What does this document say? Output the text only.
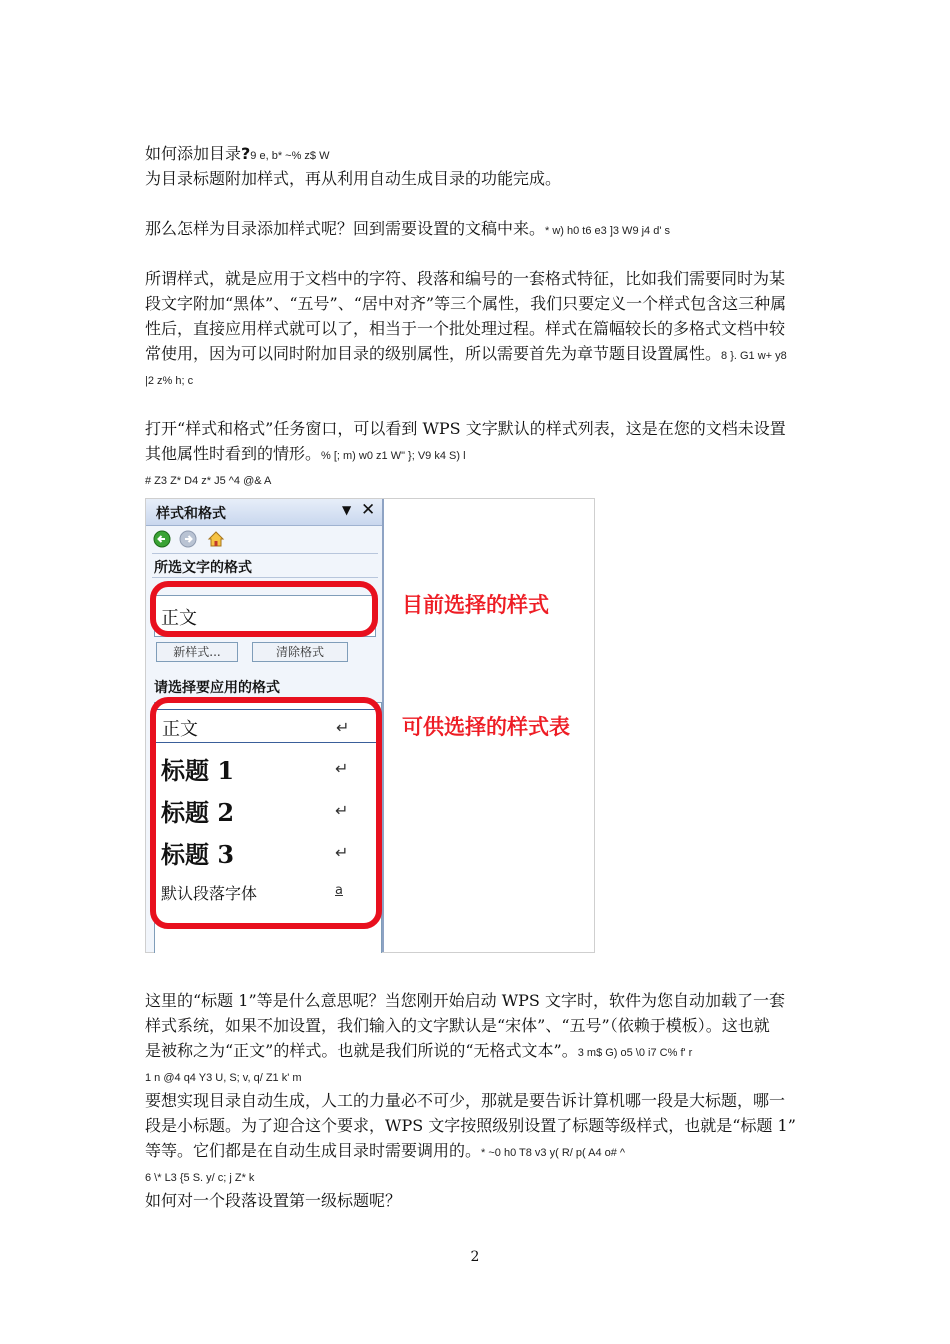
如何添加目录?9 e, b* ~% z$ W

为目录标题附加样式，再从利用自动生成目录的功能完成。

那么怎样为目录添加样式呢？回到需要设置的文稿中来。* w) h0 t6 e3 ]3 W9 j4 d' s

所谓样式，就是应用于文档中的字符、段落和编号的一套格式特征，比如我们需要同时为某
段文字附加“黑体”、“五号”、“居中对齐”等三个属性，我们只要定义一个样式包含这三种属
性后，直接应用样式就可以了，相当于一个批处理过程。样式在篇幅较长的多格式文档中较
常使用，因为可以同时附加目录的级别属性，所以需要首先为章节题目设置属性。8 }. G1 w+ y8
|2 z% h; c
打开“样式和格式”任务窗口，可以看到 WPS 文字默认的样式列表，这是在您的文档未设置
其他属性时看到的情形。% [; m) w0 z1 W" }; V9 k4 S) l
# Z3 Z* D4 z* J5 ^4 @& A
样式和格式	▼ ✕
所选文字的格式
正文
新样式...	清除格式
请选择要应用的格式
正文	↵
标题 1	↵
标题 2	↵
标题 3	↵
默认段落字体	a
目前选择的样式
可供选择的样式表
这里的“标题 1”等是什么意思呢？当您刚开始启动 WPS 文字时，软件为您自动加载了一套
样式系统，如果不加设置，我们输入的文字默认是“宋体”、“五号”（依赖于模板）。这也就
是被称之为“正文”的样式。也就是我们所说的“无格式文本”。3 m$ G) o5 \0 i7 C% f' r
1 n @4 q4 Y3 U, S; v, q/ Z1 k' m
要想实现目录自动生成，人工的力量必不可少，那就是要告诉计算机哪一段是大标题，哪一
段是小标题。为了迎合这个要求，WPS 文字按照级别设置了标题等级样式，也就是“标题 1”
等等。它们都是在自动生成目录时需要调用的。* ~0 h0 T8 v3 y( R/ p( A4 o# ^
6 \* L3 {5 S. y/ c; j Z* k

如何对一个段落设置第一级标题呢？

2
